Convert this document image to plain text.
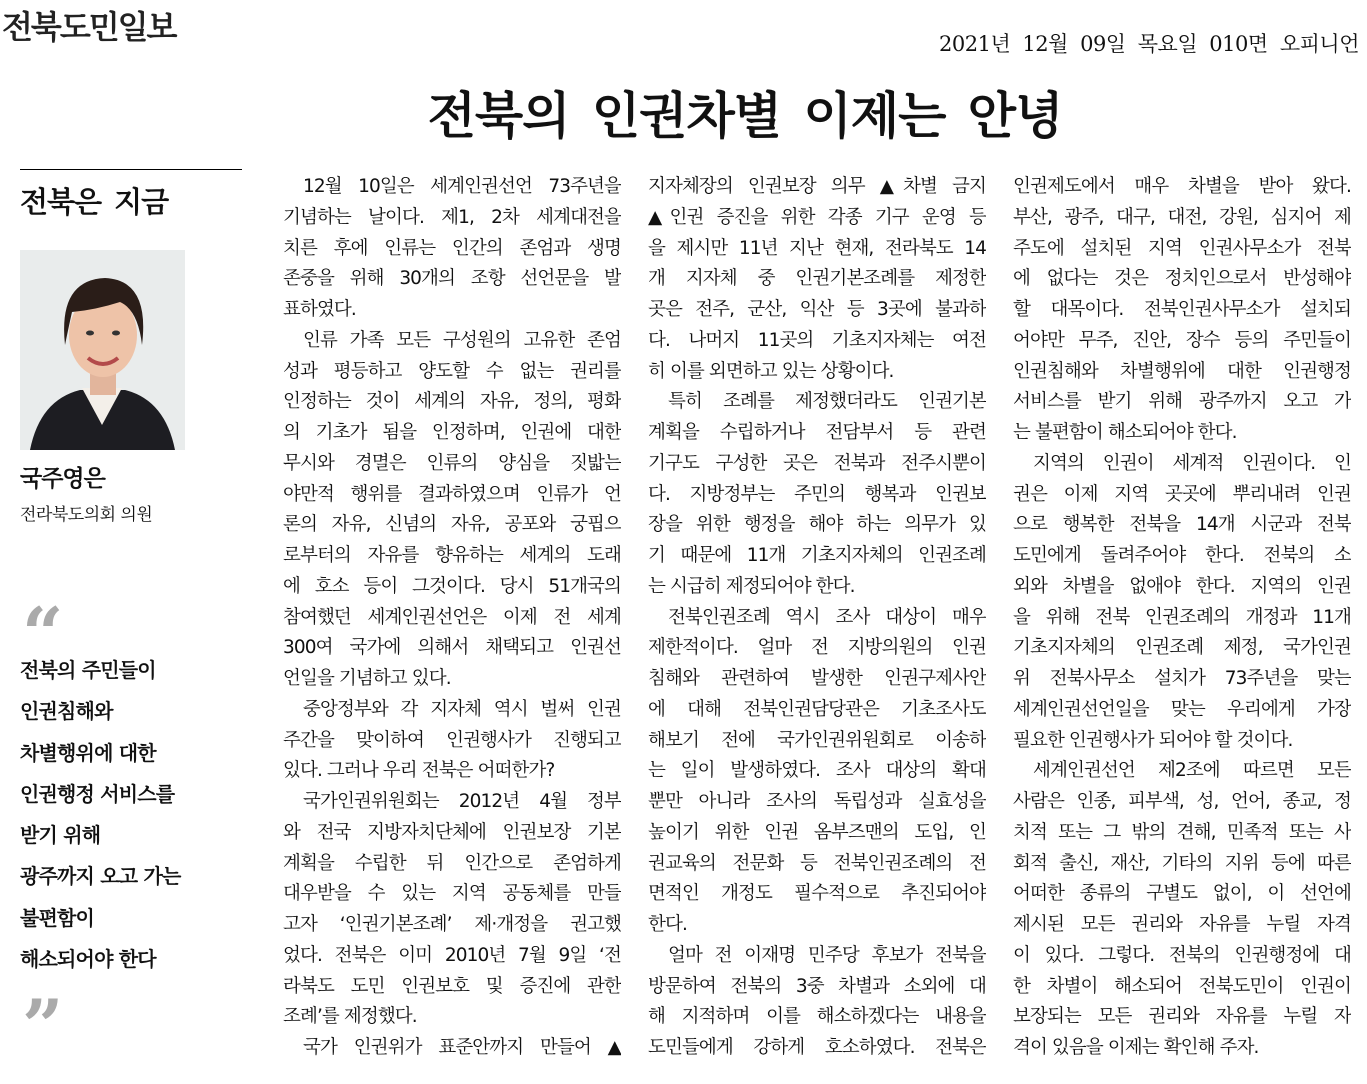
전북도민일보	2021년 12월 09일 목요일 010면 오피니언
전북의 인권차별 이제는 안녕
전북은 지금
국주영은
전라북도의회 의원
“
전북의 주민들이
인권침해와
차별행위에 대한
인권행정 서비스를
받기 위해
광주까지 오고 가는
불편함이
해소되어야 한다
”
12월 10일은 세계인권선언 73주년을
기념하는 날이다. 제1, 2차 세계대전을
치른 후에 인류는 인간의 존엄과 생명
존중을 위해 30개의 조항 선언문을 발
표하였다.
인류 가족 모든 구성원의 고유한 존엄
성과 평등하고 양도할 수 없는 권리를
인정하는 것이 세계의 자유, 정의, 평화
의 기초가 됨을 인정하며, 인권에 대한
무시와 경멸은 인류의 양심을 짓밟는
야만적 행위를 결과하였으며 인류가 언
론의 자유, 신념의 자유, 공포와 궁핍으
로부터의 자유를 향유하는 세계의 도래
에 호소 등이 그것이다. 당시 51개국의
참여했던 세계인권선언은 이제 전 세계
300여 국가에 의해서 채택되고 인권선
언일을 기념하고 있다.
중앙정부와 각 지자체 역시 벌써 인권
주간을 맞이하여 인권행사가 진행되고
있다. 그러나 우리 전북은 어떠한가?
국가인권위원회는 2012년 4월 정부
와 전국 지방자치단체에 인권보장 기본
계획을 수립한 뒤 인간으로 존엄하게
대우받을 수 있는 지역 공동체를 만들
고자 ‘인권기본조례’ 제·개정을 권고했
었다. 전북은 이미 2010년 7월 9일 ‘전
라북도 도민 인권보호 및 증진에 관한
조례’를 제정했다.
국가 인권위가 표준안까지 만들어 ▲
지자체장의 인권보장 의무 ▲차별 금지
▲인권 증진을 위한 각종 기구 운영 등
을 제시만 11년 지난 현재, 전라북도 14
개 지자체 중 인권기본조례를 제정한
곳은 전주, 군산, 익산 등 3곳에 불과하
다. 나머지 11곳의 기초지자체는 여전
히 이를 외면하고 있는 상황이다.
특히 조례를 제정했더라도 인권기본
계획을 수립하거나 전담부서 등 관련
기구도 구성한 곳은 전북과 전주시뿐이
다. 지방정부는 주민의 행복과 인권보
장을 위한 행정을 해야 하는 의무가 있
기 때문에 11개 기초지자체의 인권조례
는 시급히 제정되어야 한다.
전북인권조례 역시 조사 대상이 매우
제한적이다. 얼마 전 지방의원의 인권
침해와 관련하여 발생한 인권구제사안
에 대해 전북인권담당관은 기초조사도
해보기 전에 국가인권위원회로 이송하
는 일이 발생하였다. 조사 대상의 확대
뿐만 아니라 조사의 독립성과 실효성을
높이기 위한 인권 옴부즈맨의 도입, 인
권교육의 전문화 등 전북인권조례의 전
면적인 개정도 필수적으로 추진되어야
한다.
얼마 전 이재명 민주당 후보가 전북을
방문하여 전북의 3중 차별과 소외에 대
해 지적하며 이를 해소하겠다는 내용을
도민들에게 강하게 호소하였다. 전북은
인권제도에서 매우 차별을 받아 왔다.
부산, 광주, 대구, 대전, 강원, 심지어 제
주도에 설치된 지역 인권사무소가 전북
에 없다는 것은 정치인으로서 반성해야
할 대목이다. 전북인권사무소가 설치되
어야만 무주, 진안, 장수 등의 주민들이
인권침해와 차별행위에 대한 인권행정
서비스를 받기 위해 광주까지 오고 가
는 불편함이 해소되어야 한다.
지역의 인권이 세계적 인권이다. 인
권은 이제 지역 곳곳에 뿌리내려 인권
으로 행복한 전북을 14개 시군과 전북
도민에게 돌려주어야 한다. 전북의 소
외와 차별을 없애야 한다. 지역의 인권
을 위해 전북 인권조례의 개정과 11개
기초지자체의 인권조례 제정, 국가인권
위 전북사무소 설치가 73주년을 맞는
세계인권선언일을 맞는 우리에게 가장
필요한 인권행사가 되어야 할 것이다.
세계인권선언 제2조에 따르면 모든
사람은 인종, 피부색, 성, 언어, 종교, 정
치적 또는 그 밖의 견해, 민족적 또는 사
회적 출신, 재산, 기타의 지위 등에 따른
어떠한 종류의 구별도 없이, 이 선언에
제시된 모든 권리와 자유를 누릴 자격
이 있다. 그렇다. 전북의 인권행정에 대
한 차별이 해소되어 전북도민이 인권이
보장되는 모든 권리와 자유를 누릴 자
격이 있음을 이제는 확인해 주자.
